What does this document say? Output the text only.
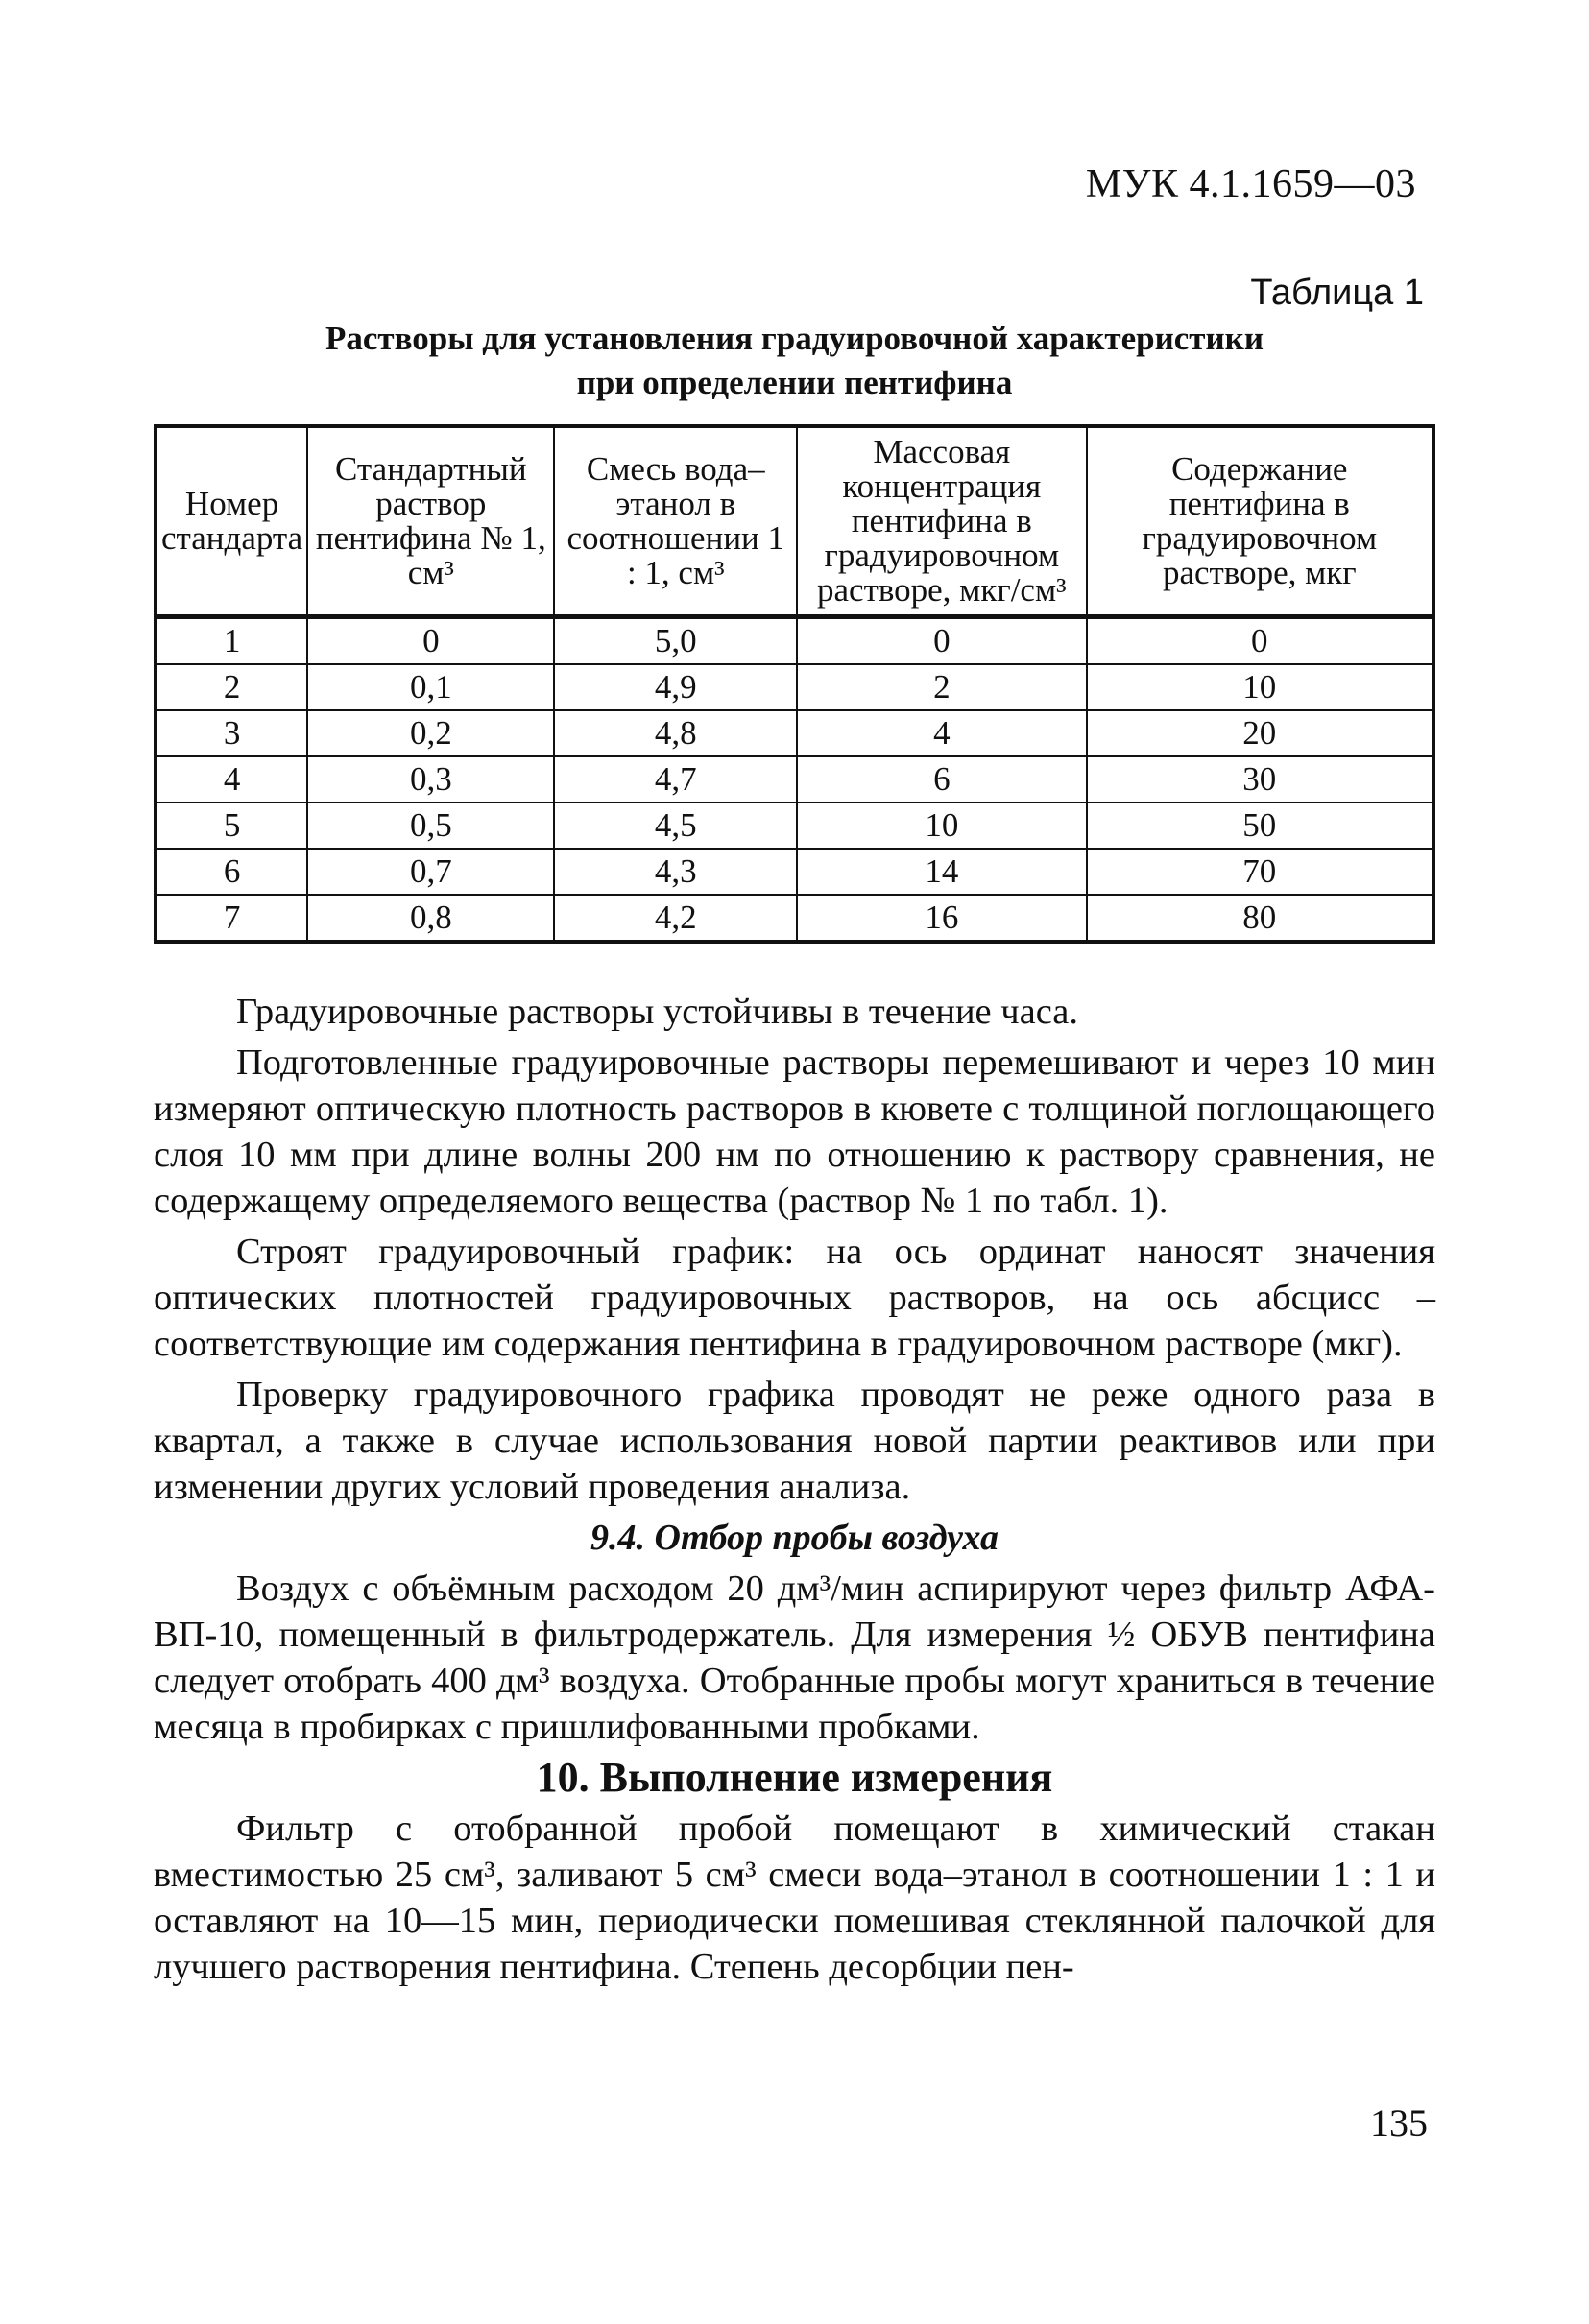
МУК 4.1.1659—03
Таблица 1
Растворы для установления градуировочной характеристики
при определении пентифина
Номер стандарта	Стандартный раствор пентифина № 1, см³	Смесь вода–этанол в соотношении 1 : 1, см³	Массовая концентрация пентифина в градуировочном растворе, мкг/см³	Содержание пентифина в градуировочном растворе, мкг
1	0	5,0	0	0
2	0,1	4,9	2	10
3	0,2	4,8	4	20
4	0,3	4,7	6	30
5	0,5	4,5	10	50
6	0,7	4,3	14	70
7	0,8	4,2	16	80

Градуировочные растворы устойчивы в течение часа.

Подготовленные градуировочные растворы перемешивают и через 10 мин измеряют оптическую плотность растворов в кювете с толщиной поглощающего слоя 10 мм при длине волны 200 нм по отношению к раствору сравнения, не содержащему определяемого вещества (раствор № 1 по табл. 1).

Строят градуировочный график: на ось ординат наносят значения оптических плотностей градуировочных растворов, на ось абсцисс – соответствующие им содержания пентифина в градуировочном растворе (мкг).

Проверку градуировочного графика проводят не реже одного раза в квартал, а также в случае использования новой партии реактивов или при изменении других условий проведения анализа.

9.4. Отбор пробы воздуха

Воздух с объёмным расходом 20 дм³/мин аспирируют через фильтр АФА-ВП-10, помещенный в фильтродержатель. Для измерения ½ ОБУВ пентифина следует отобрать 400 дм³ воздуха. Отобранные пробы могут храниться в течение месяца в пробирках с пришлифованными пробками.

10. Выполнение измерения

Фильтр с отобранной пробой помещают в химический стакан вместимостью 25 см³, заливают 5 см³ смеси вода–этанол в соотношении 1 : 1 и оставляют на 10—15 мин, периодически помешивая стеклянной палочкой для лучшего растворения пентифина. Степень десорбции пен-

135
